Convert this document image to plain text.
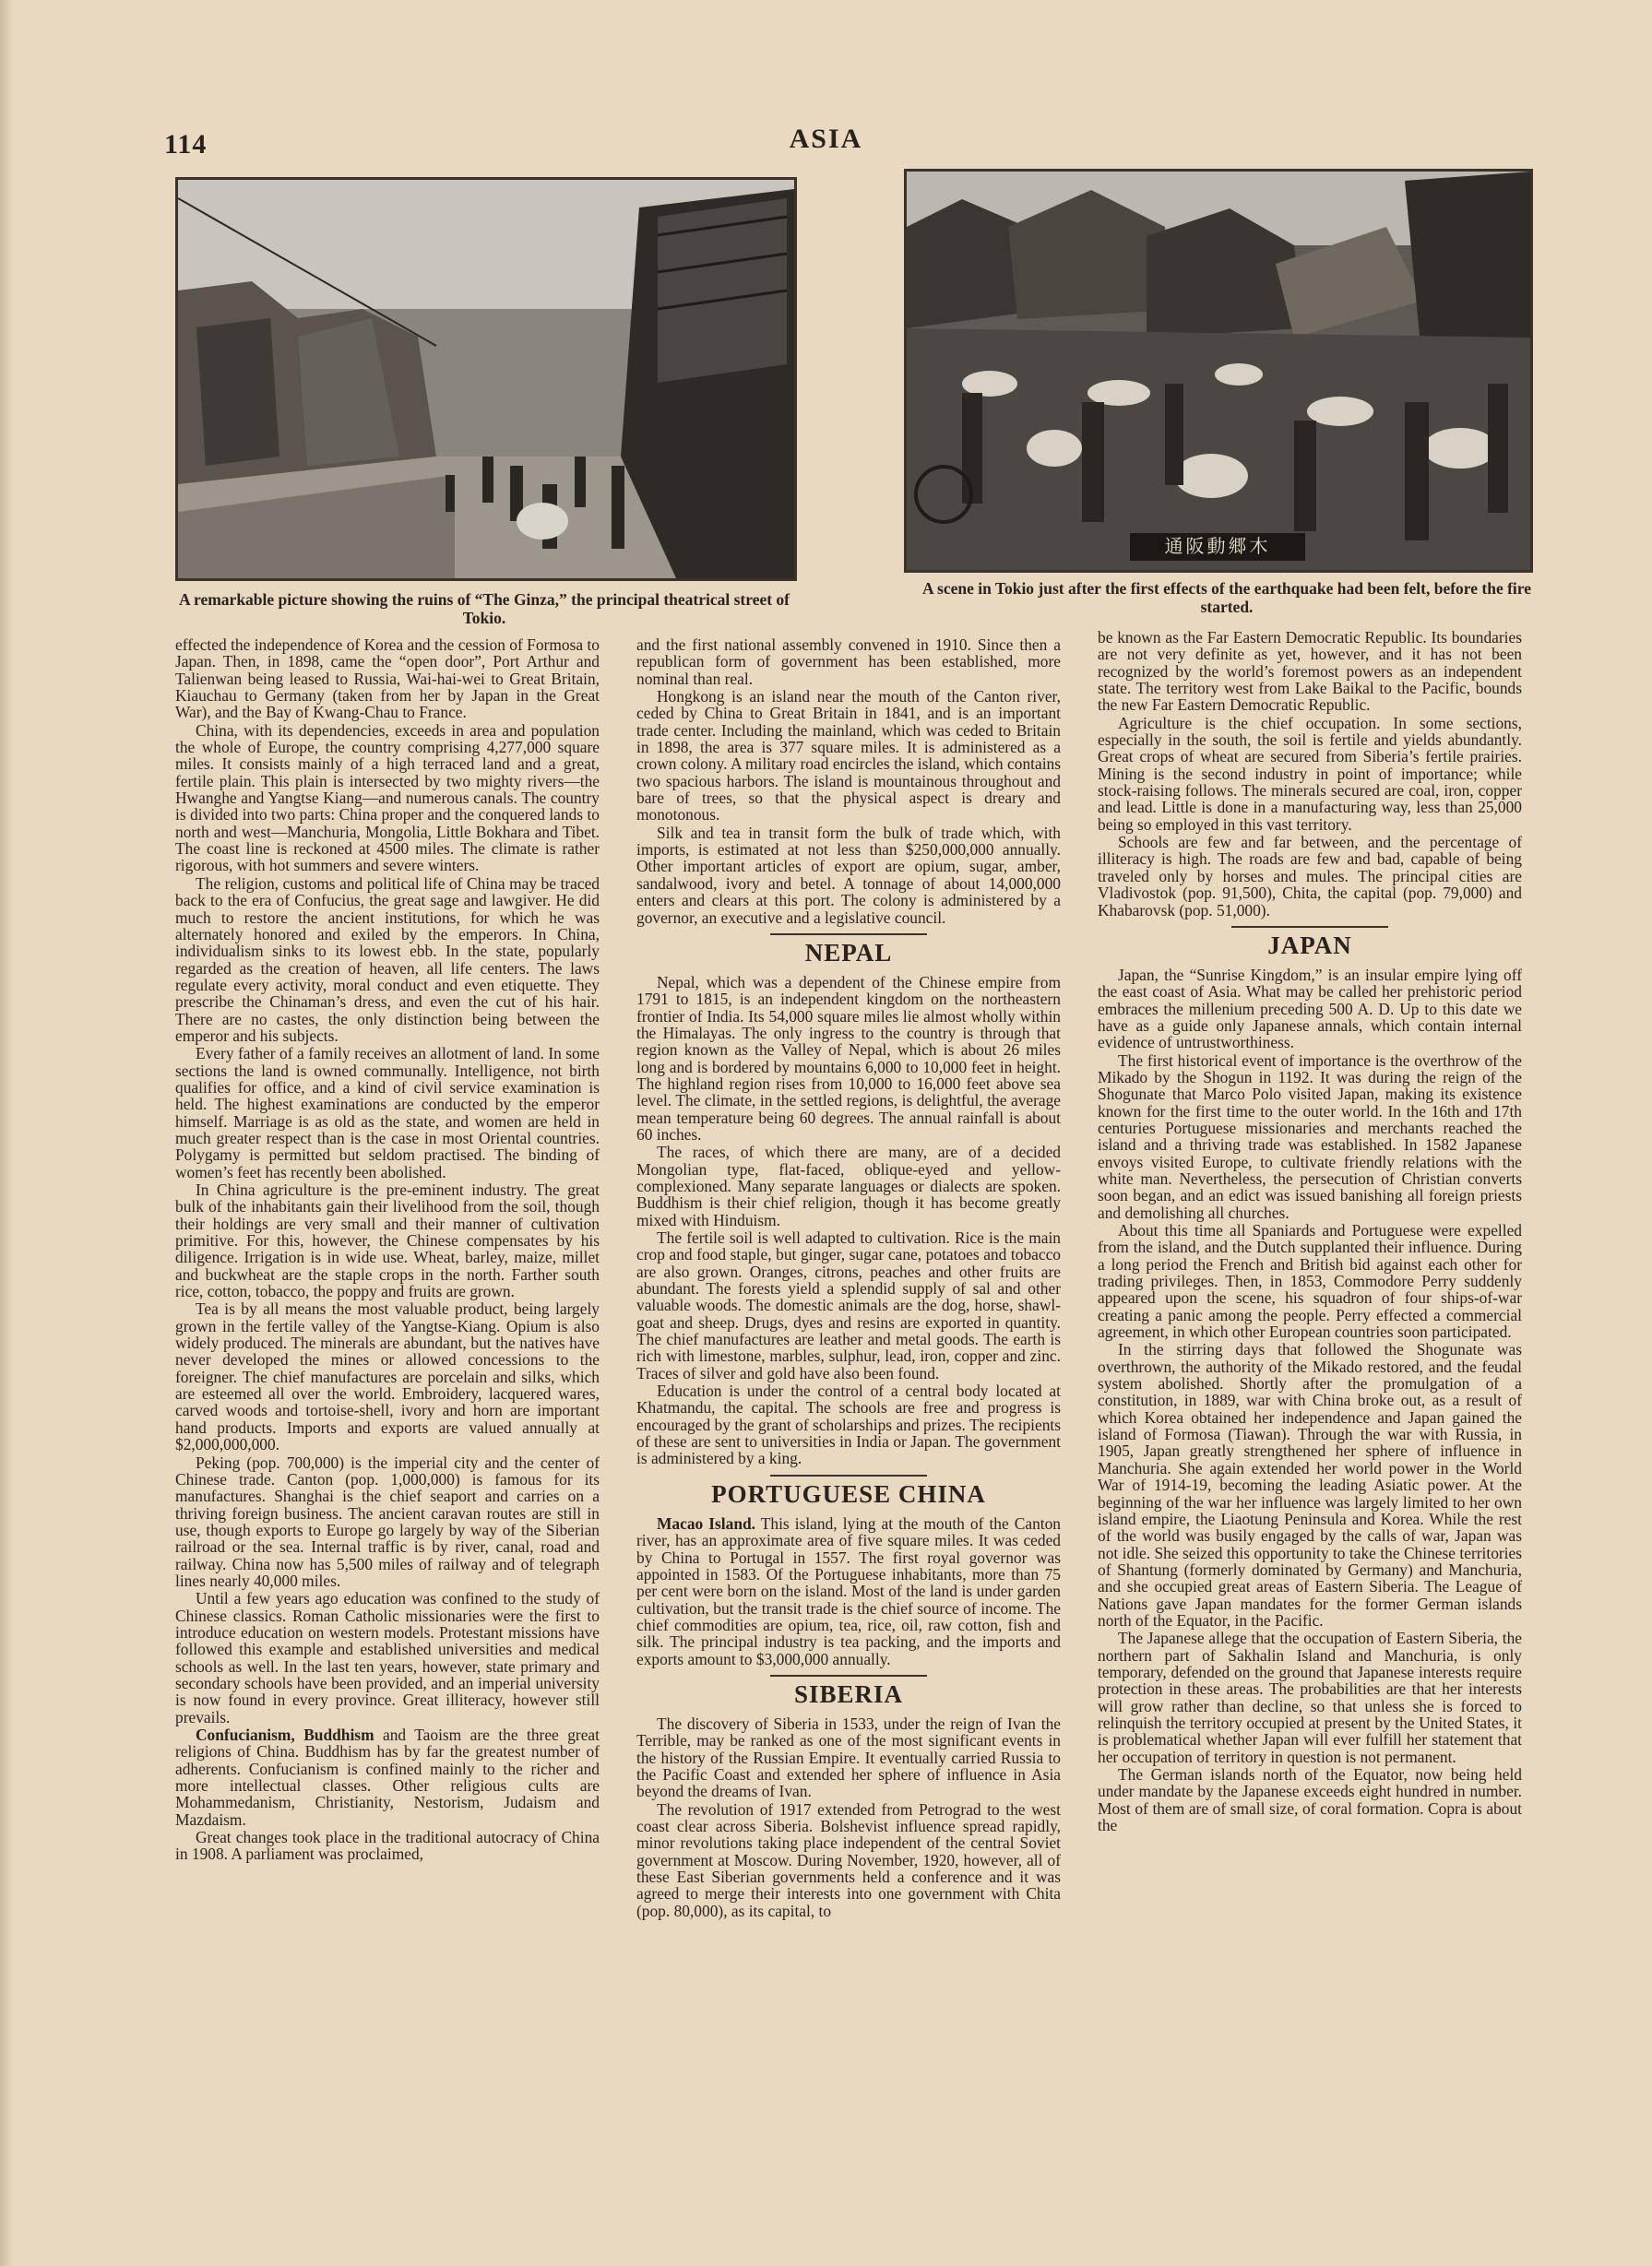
114	ASIA
通阪動郷木
A remarkable picture showing the ruins of “The Ginza,” the principal theatrical street of Tokio.
A scene in Tokio just after the first effects of the earthquake had been felt, before the fire started.

effected the independence of Korea and the cession of Formosa to Japan. Then, in 1898, came the “open door”, Port Arthur and Talienwan being leased to Russia, Wai-hai-wei to Great Britain, Kiauchau to Germany (taken from her by Japan in the Great War), and the Bay of Kwang-Chau to France.

China, with its dependencies, exceeds in area and population the whole of Europe, the country comprising 4,277,000 square miles. It consists mainly of a high terraced land and a great, fertile plain. This plain is intersected by two mighty rivers—the Hwanghe and Yangtse Kiang—and numerous canals. The country is divided into two parts: China proper and the conquered lands to north and west—Manchuria, Mongolia, Little Bokhara and Tibet. The coast line is reckoned at 4500 miles. The climate is rather rigorous, with hot summers and severe winters.

The religion, customs and political life of China may be traced back to the era of Confucius, the great sage and lawgiver. He did much to restore the ancient institutions, for which he was alternately honored and exiled by the emperors. In China, individualism sinks to its lowest ebb. In the state, popularly regarded as the creation of heaven, all life centers. The laws regulate every activity, moral conduct and even etiquette. They prescribe the Chinaman’s dress, and even the cut of his hair. There are no castes, the only distinction being between the emperor and his subjects.

Every father of a family receives an allotment of land. In some sections the land is owned communally. Intelligence, not birth qualifies for office, and a kind of civil service examination is held. The highest examinations are conducted by the emperor himself. Marriage is as old as the state, and women are held in much greater respect than is the case in most Oriental countries. Polygamy is permitted but seldom practised. The binding of women’s feet has recently been abolished.

In China agriculture is the pre-eminent industry. The great bulk of the inhabitants gain their livelihood from the soil, though their holdings are very small and their manner of cultivation primitive. For this, however, the Chinese compensates by his diligence. Irrigation is in wide use. Wheat, barley, maize, millet and buckwheat are the staple crops in the north. Farther south rice, cotton, tobacco, the poppy and fruits are grown.

Tea is by all means the most valuable product, being largely grown in the fertile valley of the Yangtse-Kiang. Opium is also widely produced. The minerals are abundant, but the natives have never developed the mines or allowed concessions to the foreigner. The chief manufactures are porcelain and silks, which are esteemed all over the world. Embroidery, lacquered wares, carved woods and tortoise-shell, ivory and horn are important hand products. Imports and exports are valued annually at $2,000,000,000.

Peking (pop. 700,000) is the imperial city and the center of Chinese trade. Canton (pop. 1,000,000) is famous for its manufactures. Shanghai is the chief seaport and carries on a thriving foreign business. The ancient caravan routes are still in use, though exports to Europe go largely by way of the Siberian railroad or the sea. Internal traffic is by river, canal, road and railway. China now has 5,500 miles of railway and of telegraph lines nearly 40,000 miles.

Until a few years ago education was confined to the study of Chinese classics. Roman Catholic missionaries were the first to introduce education on western models. Protestant missions have followed this example and established universities and medical schools as well. In the last ten years, however, state primary and secondary schools have been provided, and an imperial university is now found in every province. Great illiteracy, however still prevails.

Confucianism, Buddhism and Taoism are the three great religions of China. Buddhism has by far the greatest number of adherents. Confucianism is confined mainly to the richer and more intellectual classes. Other religious cults are Mohammedanism, Christianity, Nestorism, Judaism and Mazdaism.

Great changes took place in the traditional autocracy of China in 1908. A parliament was proclaimed,

and the first national assembly convened in 1910. Since then a republican form of government has been established, more nominal than real.

Hongkong is an island near the mouth of the Canton river, ceded by China to Great Britain in 1841, and is an important trade center. Including the mainland, which was ceded to Britain in 1898, the area is 377 square miles. It is administered as a crown colony. A military road encircles the island, which contains two spacious harbors. The island is mountainous throughout and bare of trees, so that the physical aspect is dreary and monotonous.

Silk and tea in transit form the bulk of trade which, with imports, is estimated at not less than $250,000,000 annually. Other important articles of export are opium, sugar, amber, sandalwood, ivory and betel. A tonnage of about 14,000,000 enters and clears at this port. The colony is administered by a governor, an executive and a legislative council.

NEPAL

Nepal, which was a dependent of the Chinese empire from 1791 to 1815, is an independent kingdom on the northeastern frontier of India. Its 54,000 square miles lie almost wholly within the Himalayas. The only ingress to the country is through that region known as the Valley of Nepal, which is about 26 miles long and is bordered by mountains 6,000 to 10,000 feet in height. The highland region rises from 10,000 to 16,000 feet above sea level. The climate, in the settled regions, is delightful, the average mean temperature being 60 degrees. The annual rainfall is about 60 inches.

The races, of which there are many, are of a decided Mongolian type, flat-faced, oblique-eyed and yellow-complexioned. Many separate languages or dialects are spoken. Buddhism is their chief religion, though it has become greatly mixed with Hinduism.

The fertile soil is well adapted to cultivation. Rice is the main crop and food staple, but ginger, sugar cane, potatoes and tobacco are also grown. Oranges, citrons, peaches and other fruits are abundant. The forests yield a splendid supply of sal and other valuable woods. The domestic animals are the dog, horse, shawl-goat and sheep. Drugs, dyes and resins are exported in quantity. The chief manufactures are leather and metal goods. The earth is rich with limestone, marbles, sulphur, lead, iron, copper and zinc. Traces of silver and gold have also been found.

Education is under the control of a central body located at Khatmandu, the capital. The schools are free and progress is encouraged by the grant of scholarships and prizes. The recipients of these are sent to universities in India or Japan. The government is administered by a king.

PORTUGUESE CHINA

Macao Island. This island, lying at the mouth of the Canton river, has an approximate area of five square miles. It was ceded by China to Portugal in 1557. The first royal governor was appointed in 1583. Of the Portuguese inhabitants, more than 75 per cent were born on the island. Most of the land is under garden cultivation, but the transit trade is the chief source of income. The chief commodities are opium, tea, rice, oil, raw cotton, fish and silk. The principal industry is tea packing, and the imports and exports amount to $3,000,000 annually.

SIBERIA

The discovery of Siberia in 1533, under the reign of Ivan the Terrible, may be ranked as one of the most significant events in the history of the Russian Empire. It eventually carried Russia to the Pacific Coast and extended her sphere of influence in Asia beyond the dreams of Ivan.

The revolution of 1917 extended from Petrograd to the west coast clear across Siberia. Bolshevist influence spread rapidly, minor revolutions taking place independent of the central Soviet government at Moscow. During November, 1920, however, all of these East Siberian governments held a conference and it was agreed to merge their interests into one government with Chita (pop. 80,000), as its capital, to

be known as the Far Eastern Democratic Republic. Its boundaries are not very definite as yet, however, and it has not been recognized by the world’s foremost powers as an independent state. The territory west from Lake Baikal to the Pacific, bounds the new Far Eastern Democratic Republic.

Agriculture is the chief occupation. In some sections, especially in the south, the soil is fertile and yields abundantly. Great crops of wheat are secured from Siberia’s fertile prairies. Mining is the second industry in point of importance; while stock-raising follows. The minerals secured are coal, iron, copper and lead. Little is done in a manufacturing way, less than 25,000 being so employed in this vast territory.

Schools are few and far between, and the percentage of illiteracy is high. The roads are few and bad, capable of being traveled only by horses and mules. The principal cities are Vladivostok (pop. 91,500), Chita, the capital (pop. 79,000) and Khabarovsk (pop. 51,000).

JAPAN

Japan, the “Sunrise Kingdom,” is an insular empire lying off the east coast of Asia. What may be called her prehistoric period embraces the millenium preceding 500 A. D. Up to this date we have as a guide only Japanese annals, which contain internal evidence of untrustworthiness.

The first historical event of importance is the overthrow of the Mikado by the Shogun in 1192. It was during the reign of the Shogunate that Marco Polo visited Japan, making its existence known for the first time to the outer world. In the 16th and 17th centuries Portuguese missionaries and merchants reached the island and a thriving trade was established. In 1582 Japanese envoys visited Europe, to cultivate friendly relations with the white man. Nevertheless, the persecution of Christian converts soon began, and an edict was issued banishing all foreign priests and demolishing all churches.

About this time all Spaniards and Portuguese were expelled from the island, and the Dutch supplanted their influence. During a long period the French and British bid against each other for trading privileges. Then, in 1853, Commodore Perry suddenly appeared upon the scene, his squadron of four ships-of-war creating a panic among the people. Perry effected a commercial agreement, in which other European countries soon participated.

In the stirring days that followed the Shogunate was overthrown, the authority of the Mikado restored, and the feudal system abolished. Shortly after the promulgation of a constitution, in 1889, war with China broke out, as a result of which Korea obtained her independence and Japan gained the island of Formosa (Tiawan). Through the war with Russia, in 1905, Japan greatly strengthened her sphere of influence in Manchuria. She again extended her world power in the World War of 1914-19, becoming the leading Asiatic power. At the beginning of the war her influence was largely limited to her own island empire, the Liaotung Peninsula and Korea. While the rest of the world was busily engaged by the calls of war, Japan was not idle. She seized this opportunity to take the Chinese territories of Shantung (formerly dominated by Germany) and Manchuria, and she occupied great areas of Eastern Siberia. The League of Nations gave Japan mandates for the former German islands north of the Equator, in the Pacific.

The Japanese allege that the occupation of Eastern Siberia, the northern part of Sakhalin Island and Manchuria, is only temporary, defended on the ground that Japanese interests require protection in these areas. The probabilities are that her interests will grow rather than decline, so that unless she is forced to relinquish the territory occupied at present by the United States, it is problematical whether Japan will ever fulfill her statement that her occupation of territory in question is not permanent.

The German islands north of the Equator, now being held under mandate by the Japanese exceeds eight hundred in number. Most of them are of small size, of coral formation. Copra is about the
